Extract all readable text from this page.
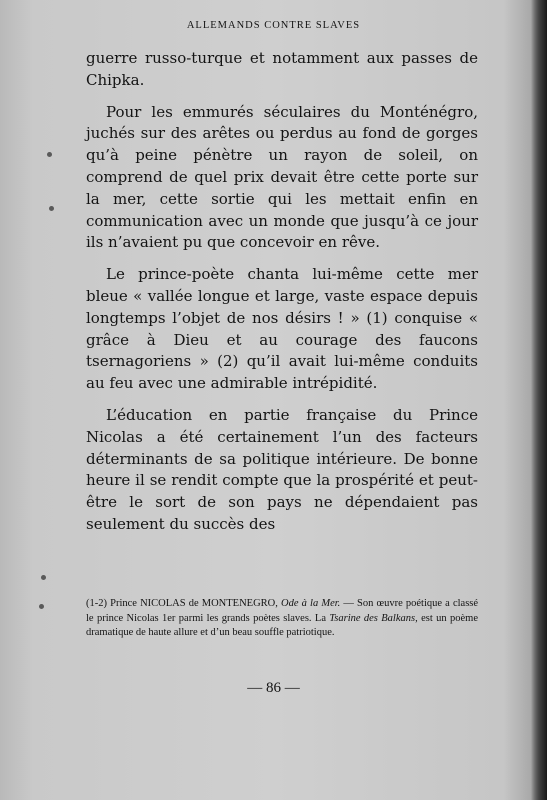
ALLEMANDS CONTRE SLAVES

guerre russo-turque et notamment aux passes de Chipka.

Pour les emmurés séculaires du Monténégro, juchés sur des arêtes ou perdus au fond de gorges qu’à peine pénètre un rayon de soleil, on comprend de quel prix devait être cette porte sur la mer, cette sortie qui les mettait enfin en communication avec un monde que jusqu’à ce jour ils n’avaient pu que concevoir en rêve.

Le prince-poète chanta lui-même cette mer bleue « vallée longue et large, vaste espace depuis longtemps l’objet de nos désirs ! » (1) conquise « grâce à Dieu et au courage des faucons tsernagoriens » (2) qu’il avait lui-même conduits au feu avec une admirable intrépidité.

L’éducation en partie française du Prince Nicolas a été certainement l’un des facteurs déterminants de sa politique intérieure. De bonne heure il se rendit compte que la prospérité et peut-être le sort de son pays ne dépendaient pas seulement du succès des

(1-2) Prince NICOLAS de MONTENEGRO, Ode à la Mer. — Son œuvre poétique a classé le prince Nicolas 1er parmi les grands poètes slaves. La Tsarine des Balkans, est un poème dramatique de haute allure et d’un beau souffle patriotique.
— 86 —
